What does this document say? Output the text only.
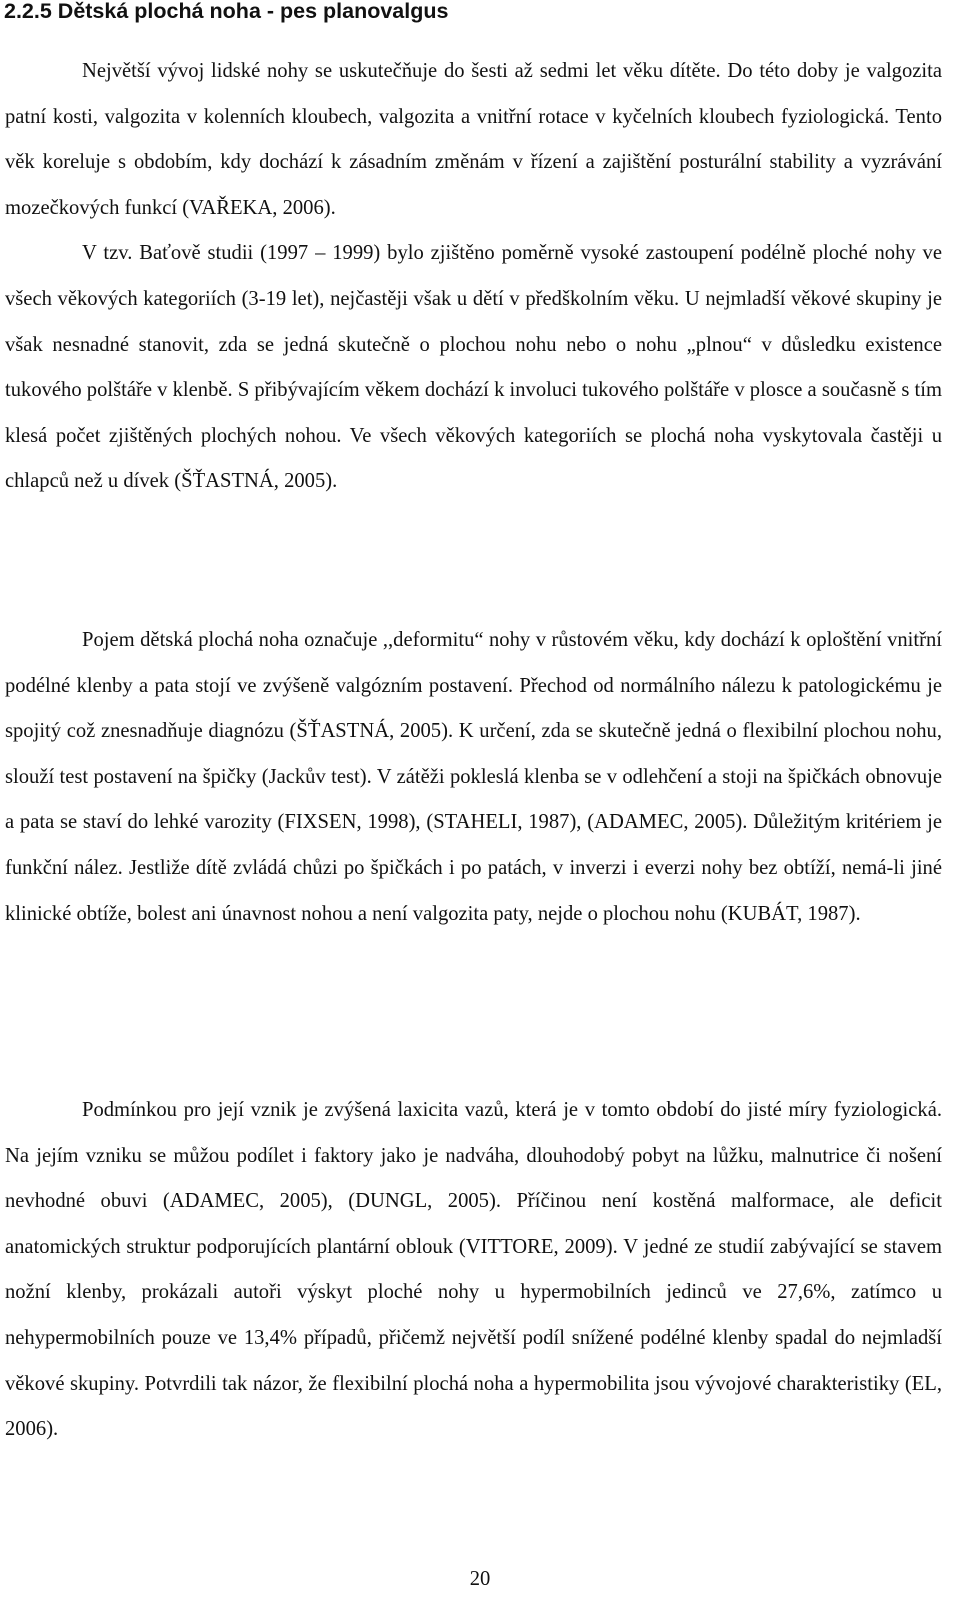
2.2.5 Dětská plochá noha - pes planovalgus

Největší vývoj lidské nohy se uskutečňuje do šesti až sedmi let věku dítěte. Do této doby je valgozita patní kosti, valgozita v kolenních kloubech, valgozita a vnitřní rotace v kyčelních kloubech fyziologická. Tento věk koreluje s obdobím, kdy dochází k zásadním změnám v řízení a zajištění posturální stability a vyzrávání mozečkových funkcí (VAŘEKA, 2006).

V tzv. Baťově studii (1997 – 1999) bylo zjištěno poměrně vysoké zastoupení podélně ploché nohy ve všech věkových kategoriích (3-19 let), nejčastěji však u dětí v předškolním věku. U nejmladší věkové skupiny je však nesnadné stanovit, zda se jedná skutečně o plochou nohu nebo o nohu „plnou“ v důsledku existence tukového polštáře v klenbě. S přibývajícím věkem dochází k involuci tukového polštáře v plosce a současně s tím klesá počet zjištěných plochých nohou. Ve všech věkových kategoriích se plochá noha vyskytovala častěji u chlapců než u dívek (ŠŤASTNÁ, 2005).

Pojem dětská plochá noha označuje ,,deformitu“ nohy v růstovém věku, kdy dochází k oploštění vnitřní podélné klenby a pata stojí ve zvýšeně valgózním postavení. Přechod od normálního nálezu k patologickému je spojitý což znesnadňuje diagnózu (ŠŤASTNÁ, 2005). K určení, zda se skutečně jedná o flexibilní plochou nohu, slouží test postavení na špičky (Jackův test). V zátěži pokleslá klenba se v odlehčení a stoji na špičkách obnovuje a pata se staví do lehké varozity (FIXSEN, 1998), (STAHELI, 1987), (ADAMEC, 2005). Důležitým kritériem je funkční nález. Jestliže dítě zvládá chůzi po špičkách i po patách, v inverzi i everzi nohy bez obtíží, nemá-li jiné klinické obtíže, bolest ani únavnost nohou a není valgozita paty, nejde o plochou nohu (KUBÁT, 1987).

Podmínkou pro její vznik je zvýšená laxicita vazů, která je v tomto období do jisté míry fyziologická. Na jejím vzniku se můžou podílet i faktory jako je nadváha, dlouhodobý pobyt na lůžku, malnutrice či nošení nevhodné obuvi (ADAMEC, 2005), (DUNGL, 2005). Příčinou není kostěná malformace, ale deficit anatomických struktur podporujících plantární oblouk (VITTORE, 2009). V jedné ze studií zabývající se stavem nožní klenby, prokázali autoři výskyt ploché nohy u hypermobilních jedinců ve 27,6%, zatímco u nehypermobilních pouze ve 13,4% případů, přičemž největší podíl snížené podélné klenby spadal do nejmladší věkové skupiny. Potvrdili tak názor, že flexibilní plochá noha a hypermobilita jsou vývojové charakteristiky (EL, 2006).

20
